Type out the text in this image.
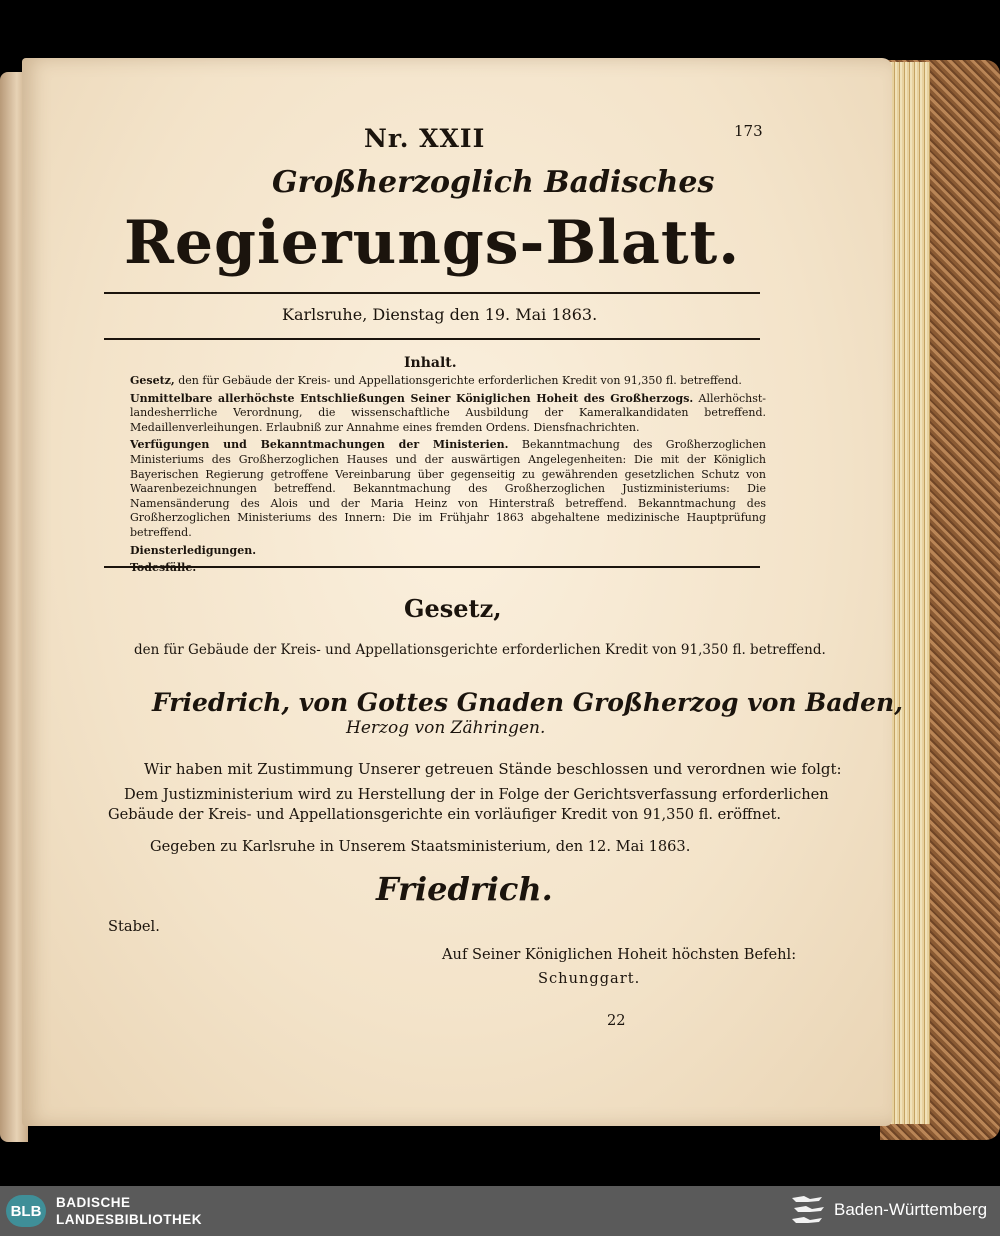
Nr. XXII	173

Großherzoglich Badisches

Regierungs-Blatt.

Karlsruhe, Dienstag den 19. Mai 1863.

Inhalt.

Gesetz, den für Gebäude der Kreis- und Appellationsgerichte erforderlichen Kredit von 91,350 fl. betreffend.

Unmittelbare allerhöchste Entschließungen Seiner Königlichen Hoheit des Großherzogs. Allerhöchst-landesherrliche Verordnung, die wissenschaftliche Ausbildung der Kameralkandidaten betreffend. Medaillenverleihungen. Erlaubniß zur Annahme eines fremden Ordens. Diensfnachrichten.

Verfügungen und Bekanntmachungen der Ministerien. Bekanntmachung des Großherzoglichen Ministeriums des Großherzoglichen Hauses und der auswärtigen Angelegenheiten: Die mit der Königlich Bayerischen Regierung getroffene Vereinbarung über gegenseitig zu gewährenden gesetzlichen Schutz von Waarenbezeichnungen betreffend. Bekanntmachung des Großherzoglichen Justizministeriums: Die Namensänderung des Alois und der Maria Heinz von Hinterstraß betreffend. Bekanntmachung des Großherzoglichen Ministeriums des Innern: Die im Frühjahr 1863 abgehaltene medizinische Hauptprüfung betreffend.

Diensterledigungen.

Todesfälle.

Gesetz,

den für Gebäude der Kreis- und Appellationsgerichte erforderlichen Kredit von 91,350 fl. betreffend.

Friedrich, von Gottes Gnaden Großherzog von Baden,

Herzog von Zähringen.

Wir haben mit Zustimmung Unserer getreuen Stände beschlossen und verordnen wie folgt:

Dem Justizministerium wird zu Herstellung der in Folge der Gerichtsverfassung erforderlichen

Gebäude der Kreis- und Appellationsgerichte ein vorläufiger Kredit von 91,350 fl. eröffnet.

Gegeben zu Karlsruhe in Unserem Staatsministerium, den 12. Mai 1863.

Friedrich.

Stabel.

Auf Seiner Königlichen Hoheit höchsten Befehl:

Schunggart.

22

BLB	BADISCHE
LANDESBIBLIOTHEK
Baden-Württemberg
